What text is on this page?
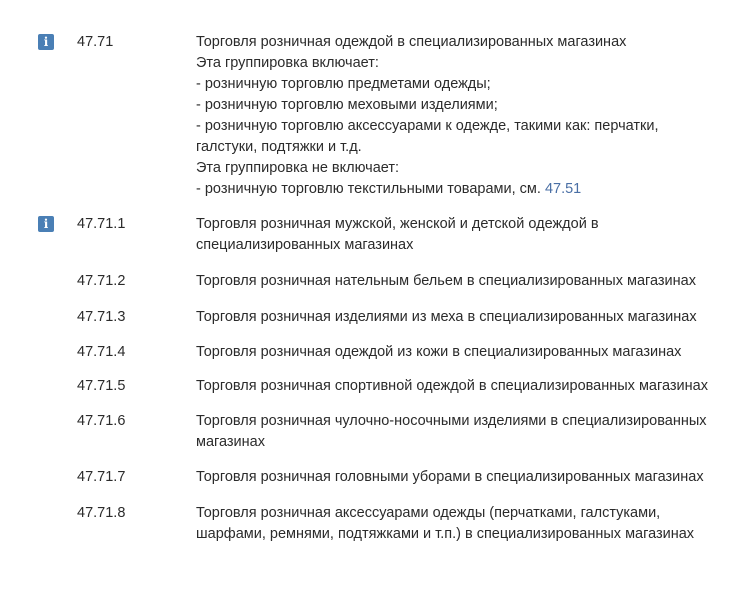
i	47.71	Торговля розничная одеждой в специализированных магазинах
Эта группировка включает:
- розничную торговлю предметами одежды;
- розничную торговлю меховыми изделиями;
- розничную торговлю аксессуарами к одежде, такими как: перчатки,
галстуки, подтяжки и т.д.
Эта группировка не включает:
- розничную торговлю текстильными товарами, см. 47.51
i	47.71.1	Торговля розничная мужской, женской и детской одеждой в
специализированных магазинах
47.71.2	Торговля розничная нательным бельем в специализированных магазинах
47.71.3	Торговля розничная изделиями из меха в специализированных магазинах
47.71.4	Торговля розничная одеждой из кожи в специализированных магазинах
47.71.5	Торговля розничная спортивной одеждой в специализированных магазинах
47.71.6	Торговля розничная чулочно-носочными изделиями в специализированных
магазинах
47.71.7	Торговля розничная головными уборами в специализированных магазинах
47.71.8	Торговля розничная аксессуарами одежды (перчатками, галстуками,
шарфами, ремнями, подтяжками и т.п.) в специализированных магазинах
